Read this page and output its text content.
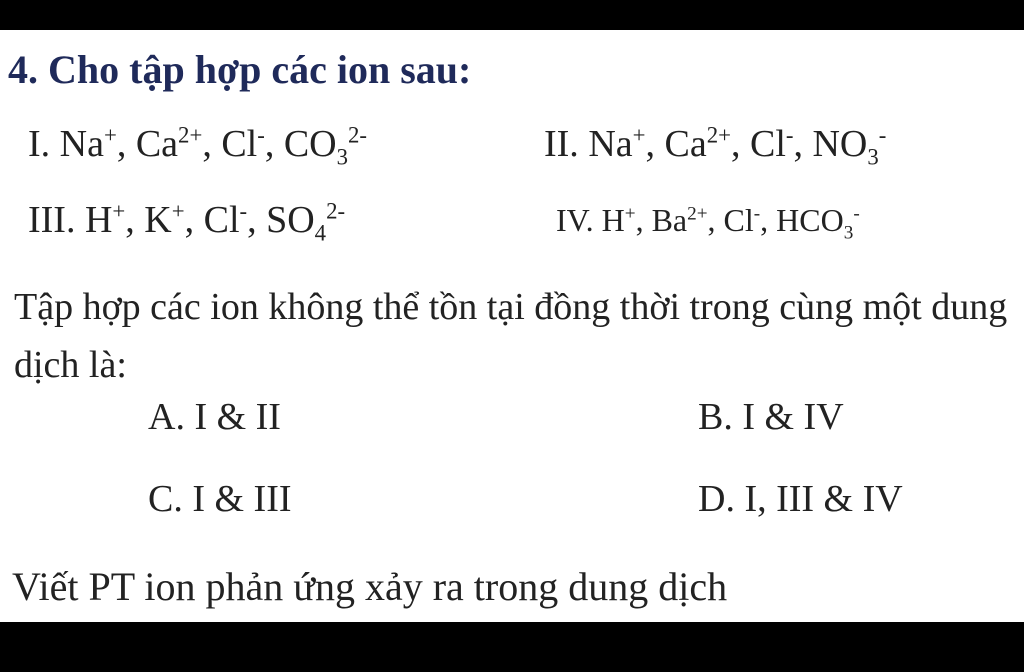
4. Cho tập hợp các ion sau:
I. Na+, $Ca^{2+}$, Cl-, $CO_3^{2-}$	II. Na+, $Ca^{2+}$, Cl-, $NO_3^-$
III. H+, K+, Cl-, $SO_4^{2-}$	IV. H+, $Ba^{2+}$, Cl-, $HCO_3^-$
Tập hợp các ion không thể tồn tại đồng thời trong cùng một dung dịch là:
A. I & II	B. I & IV
C. I & III	D. I, III & IV
Viết PT ion phản ứng xảy ra trong dung dịch
